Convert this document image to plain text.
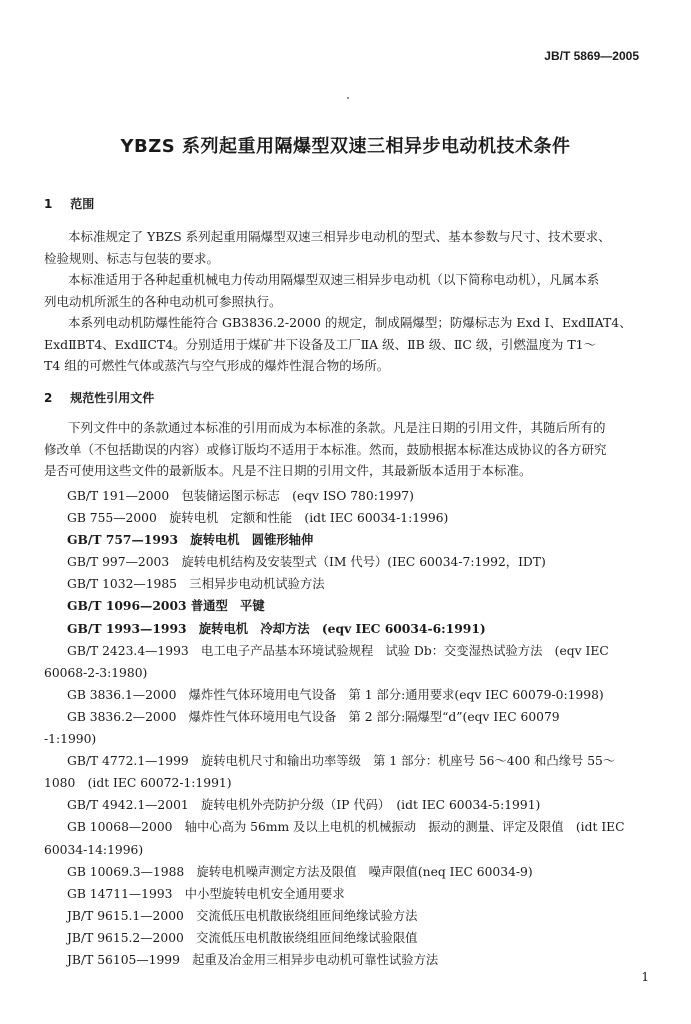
JB/T 5869—2005
YBZS 系列起重用隔爆型双速三相异步电动机技术条件
1 范围
本标准规定了 YBZS 系列起重用隔爆型双速三相异步电动机的型式、基本参数与尺寸、技术要求、
检验规则、标志与包装的要求。
本标准适用于各种起重机械电力传动用隔爆型双速三相异步电动机（以下简称电动机），凡属本系
列电动机所派生的各种电动机可参照执行。
本系列电动机防爆性能符合 GB3836.2-2000 的规定，制成隔爆型；防爆标志为 Exd Ⅰ、ExdⅡAT4、
ExdⅡBT4、ExdⅡCT4。分别适用于煤矿井下设备及工厂ⅡA 级、ⅡB 级、ⅡC 级，引燃温度为 T1～
T4 组的可燃性气体或蒸汽与空气形成的爆炸性混合物的场所。
2 规范性引用文件
下列文件中的条款通过本标准的引用而成为本标准的条款。凡是注日期的引用文件，其随后所有的
修改单（不包括勘误的内容）或修订版均不适用于本标准。然而，鼓励根据本标准达成协议的各方研究
是否可使用这些文件的最新版本。凡是不注日期的引用文件，其最新版本适用于本标准。
GB/T 191—2000　包装储运图示标志　(eqv ISO 780:1997)
GB 755—2000　旋转电机　定额和性能　(idt IEC 60034-1:1996)
GB/T 757—1993　旋转电机　圆锥形轴伸
GB/T 997—2003　旋转电机结构及安装型式（IM 代号）(IEC 60034-7:1992，IDT)
GB/T 1032—1985　三相异步电动机试验方法
GB/T 1096—2003 普通型　平键
GB/T 1993—1993　旋转电机　冷却方法　(eqv IEC 60034-6:1991)
GB/T 2423.4—1993　电工电子产品基本环境试验规程　试验 Db：交变湿热试验方法　(eqv IEC
60068-2-3:1980)
GB 3836.1—2000　爆炸性气体环境用电气设备　第 1 部分:通用要求(eqv IEC 60079-0:1998)
GB 3836.2—2000　爆炸性气体环境用电气设备　第 2 部分:隔爆型“d”(eqv IEC 60079
-1:1990)
GB/T 4772.1—1999　旋转电机尺寸和输出功率等级　第 1 部分：机座号 56～400 和凸缘号 55～
1080　(idt IEC 60072-1:1991)
GB/T 4942.1—2001　旋转电机外壳防护分级（IP 代码）　(idt IEC 60034-5:1991)
GB 10068—2000　轴中心高为 56mm 及以上电机的机械振动　振动的测量、评定及限值　(idt IEC
60034-14:1996)
GB 10069.3—1988　旋转电机噪声测定方法及限值　噪声限值(neq IEC 60034-9)
GB 14711—1993　中小型旋转电机安全通用要求
JB/T 9615.1—2000　交流低压电机散嵌绕组匝间绝缘试验方法
JB/T 9615.2—2000　交流低压电机散嵌绕组匝间绝缘试验限值
JB/T 56105—1999　起重及冶金用三相异步电动机可靠性试验方法
1
